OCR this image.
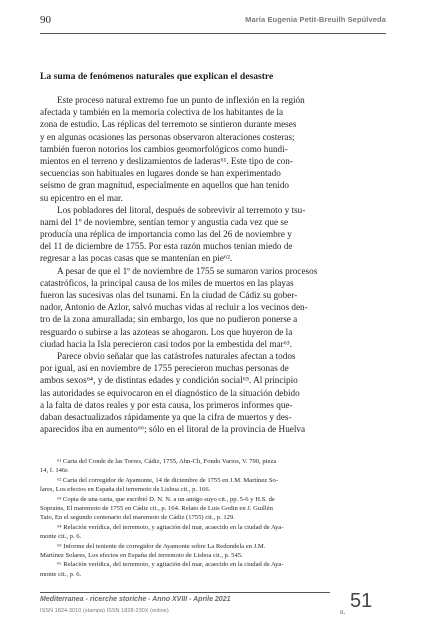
90	María Eugenia Petit-Breuilh Sepúlveda
La suma de fenómenos naturales que explican el desastre
Este proceso natural extremo fue un punto de inflexión en la región
afectada y también en la memoria colectiva de los habitantes de la
zona de estudio. Las réplicas del terremoto se sintieron durante meses
y en algunas ocasiones las personas observaron alteraciones costeras;
también fueron notorios los cambios geomorfológicos como hundi-
mientos en el terreno y deslizamientos de laderas⁶¹. Este tipo de con-
secuencias son habituales en lugares donde se han experimentado
seísmo de gran magnitud, especialmente en aquellos que han tenido
su epicentro en el mar.
Los pobladores del litoral, después de sobrevivir al terremoto y tsu-
nami del 1º de noviembre, sentían temor y angustia cada vez que se
producía una réplica de importancia como las del 26 de noviembre y
del 11 de diciembre de 1755. Por esta razón muchos tenían miedo de
regresar a las pocas casas que se mantenían en pie⁶².
A pesar de que el 1º de noviembre de 1755 se sumaron varios procesos
catastróficos, la principal causa de los miles de muertos en las playas
fueron las sucesivas olas del tsunami. En la ciudad de Cádiz su gober-
nador, Antonio de Azlor, salvó muchas vidas al recluir a los vecinos den-
tro de la zona amurallada; sin embargo, los que no pudieron ponerse a
resguardo o subirse a las azoteas se ahogaron. Los que huyeron de la
ciudad hacia la Isla perecieron casi todos por la embestida del mar⁶³.
Parece obvio señalar que las catástrofes naturales afectan a todos
por igual, así en noviembre de 1755 perecieron muchas personas de
ambos sexos⁶⁴, y de distintas edades y condición social⁶⁵. Al principio
las autoridades se equivocaron en el diagnóstico de la situación debido
a la falta de datos reales y por esta causa, los primeros informes que-
daban desactualizados rápidamente ya que la cifra de muertos y des-
aparecidos iba en aumento⁶⁶; sólo en el litoral de la provincia de Huelva
⁶¹ Carta del Conde de las Torres, Cádiz, 1755, Ahn-Ch, Fondo Varios, V. 790, pieza
14, f. 146r.
⁶² Carta del corregidor de Ayamonte, 14 de diciembre de 1755 en J.M. Martínez So-
lares, Los efectos en España del terremoto de Lisboa cit., p. 166.
⁶³ Copia de una carta, que escribió D. N. N. a un amigo suyo cit., pp. 5-6 y H.S. de
Soprains, El maremoto de 1755 en Cádiz cit., p. 164. Relato de Luis Godin en J. Guillén
Tato, En el segundo centenario del maremoto de Cádiz (1755) cit., p. 129.
⁶⁴ Relación verídica, del terremoto, y agitación del mar, acaecido en la ciudad de Aya-
monte cit., p. 6.
⁶⁵ Informe del teniente de corregidor de Ayamonte sobre La Redondela en J.M.
Martínez Solares, Los efectos en España del terremoto de Lisboa cit., p. 545.
⁶⁶ Relación verídica, del terremoto, y agitación del mar, acaecido en la ciudad de Aya-
monte cit., p. 6.
Mediterranea - ricerche storiche - Anno XVIII - Aprile 2021
ISSN 1824-3010 (stampa) ISSN 1828-230X (online)	n. 51
